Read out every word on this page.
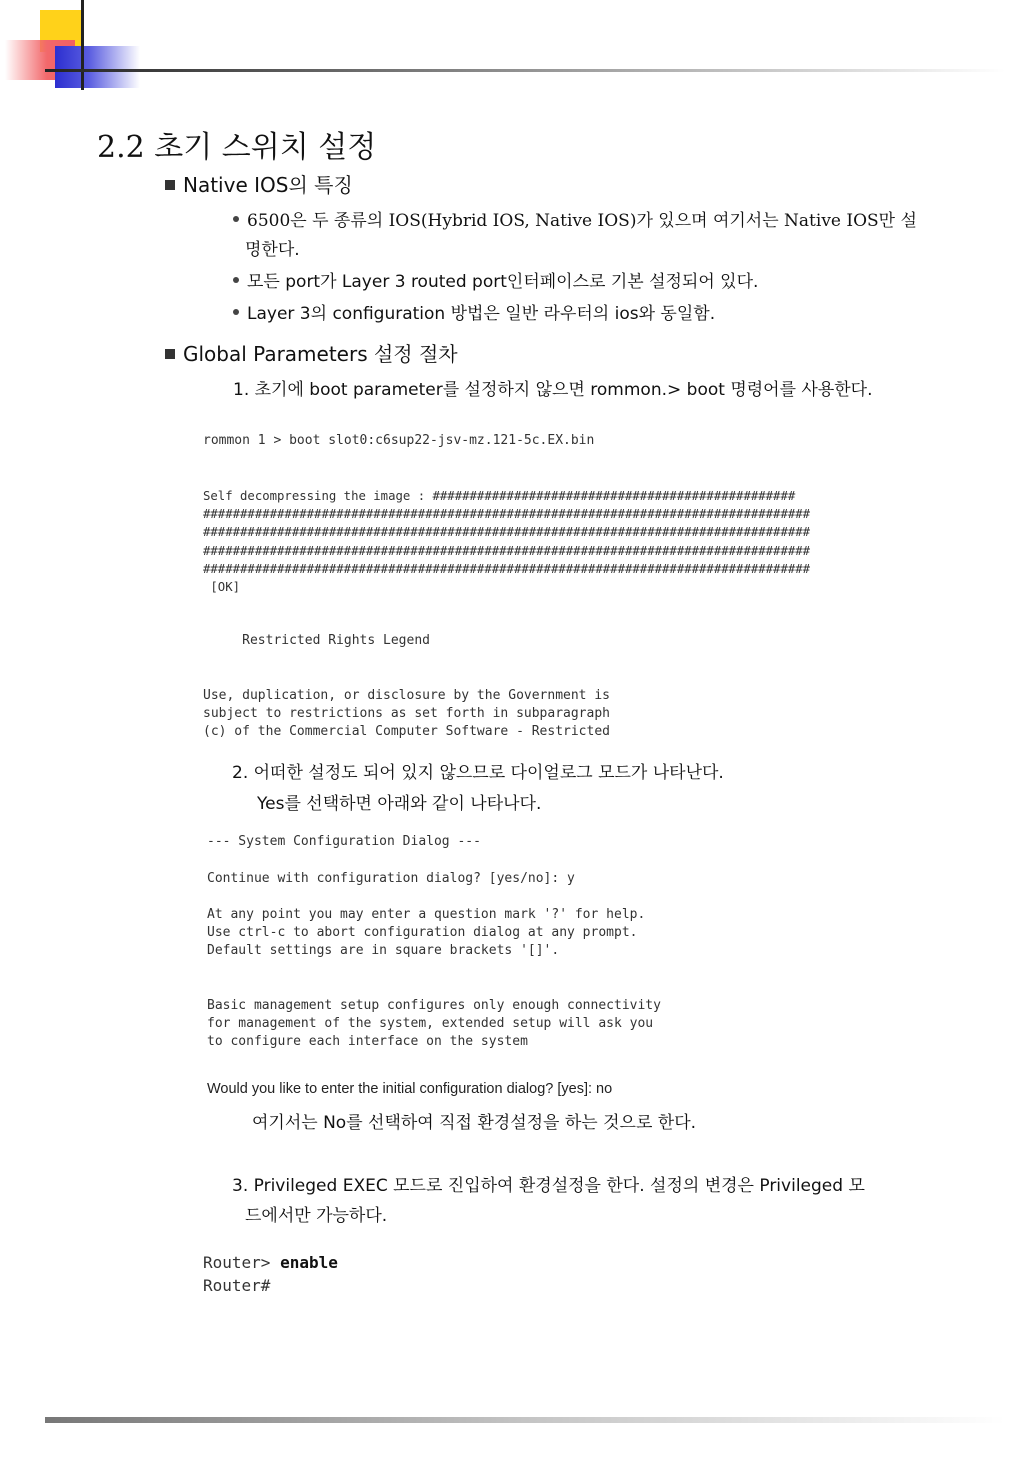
2.2 초기 스위치 설정
Native IOS의 특징
6500은 두 종류의 IOS(Hybrid IOS, Native IOS)가 있으며 여기서는 Native IOS만 설
명한다.
모든 port가 Layer 3 routed port인터페이스로 기본 설정되어 있다.
Layer 3의 configuration 방법은 일반 라우터의 ios와 동일함.
Global Parameters 설정 절차
1. 초기에 boot parameter를 설정하지 않으면 rommon.> boot 명령어를 사용한다.
rommon 1 > boot slot0:c6sup22-jsv-mz.121-5c.EX.bin
Self decompressing the image : #################################################
##################################################################################
##################################################################################
##################################################################################
##################################################################################
[OK]
Restricted Rights Legend
Use, duplication, or disclosure by the Government is
subject to restrictions as set forth in subparagraph
(c) of the Commercial Computer Software - Restricted
2. 어떠한 설정도 되어 있지 않으므로 다이얼로그 모드가 나타난다.
Yes를 선택하면 아래와 같이 나타나다.
--- System Configuration Dialog ---
Continue with configuration dialog? [yes/no]: y
At any point you may enter a question mark '?' for help.
Use ctrl-c to abort configuration dialog at any prompt.
Default settings are in square brackets '[]'.
Basic management setup configures only enough connectivity
for management of the system, extended setup will ask you
to configure each interface on the system
Would you like to enter the initial configuration dialog? [yes]: no
여기서는 No를 선택하여 직접 환경설정을 하는 것으로 한다.
3. Privileged EXEC 모드로 진입하여 환경설정을 한다. 설정의 변경은 Privileged 모
드에서만 가능하다.
Router> enable
Router#
